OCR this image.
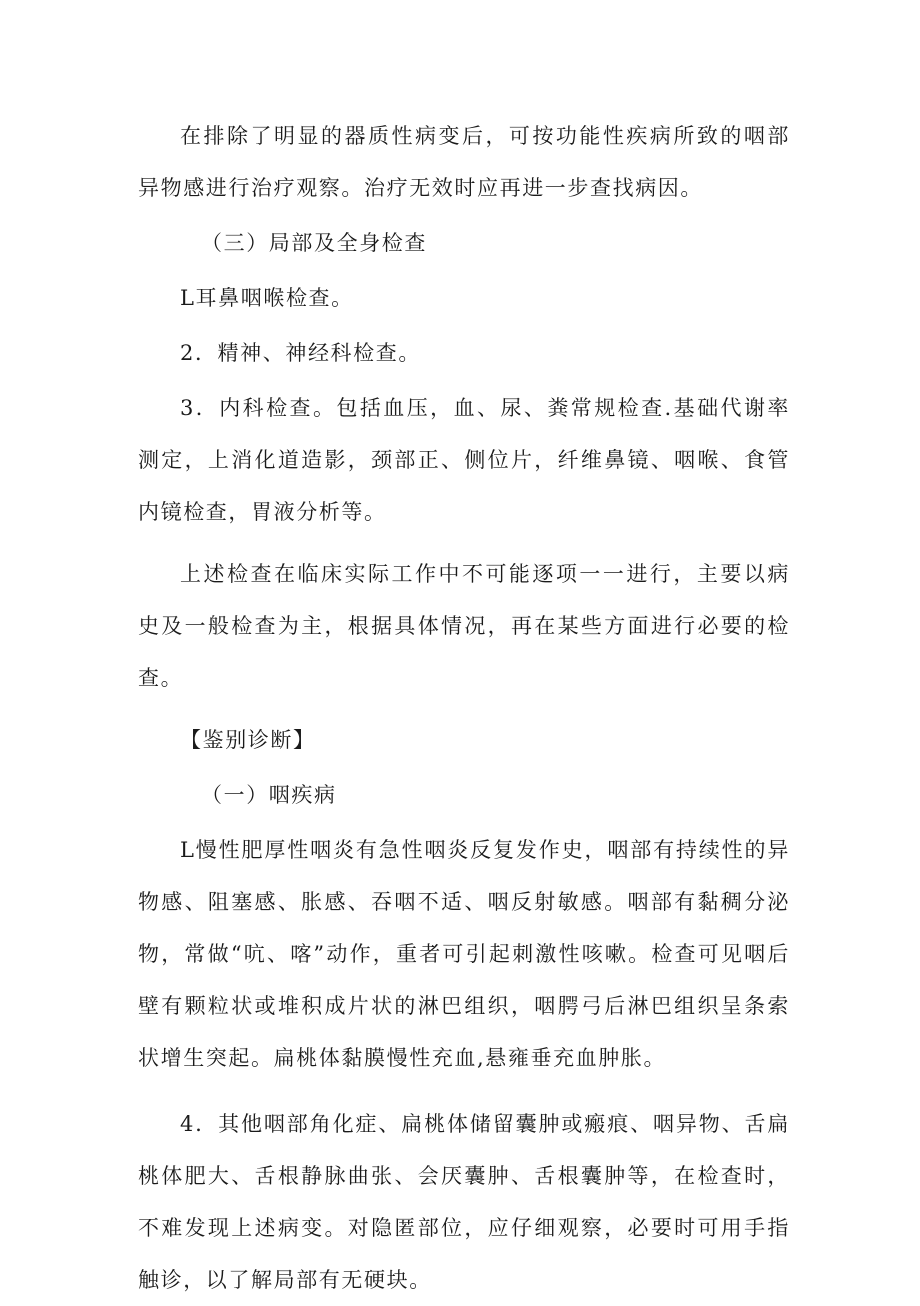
在排除了明显的器质性病变后，可按功能性疾病所致的咽部异物感进行治疗观察。治疗无效时应再进一步查找病因。

（三）局部及全身检查

L耳鼻咽喉检查。

2．精神、神经科检查。

3．内科检查。包括血压，血、尿、粪常规检查.基础代谢率测定，上消化道造影，颈部正、侧位片，纤维鼻镜、咽喉、食管内镜检查，胃液分析等。

上述检查在临床实际工作中不可能逐项一一进行，主要以病史及一般检查为主，根据具体情况，再在某些方面进行必要的检查。

【鉴别诊断】

（一）咽疾病

L慢性肥厚性咽炎有急性咽炎反复发作史，咽部有持续性的异物感、阻塞感、胀感、吞咽不适、咽反射敏感。咽部有黏稠分泌物，常做“吭、喀”动作，重者可引起刺激性咳嗽。检查可见咽后壁有颗粒状或堆积成片状的淋巴组织，咽腭弓后淋巴组织呈条索状增生突起。扁桃体黏膜慢性充血,悬雍垂充血肿胀。

4．其他咽部角化症、扁桃体储留囊肿或瘢痕、咽异物、舌扁桃体肥大、舌根静脉曲张、会厌囊肿、舌根囊肿等，在检查时，不难发现上述病变。对隐匿部位，应仔细观察，必要时可用手指触诊，以了解局部有无硬块。
